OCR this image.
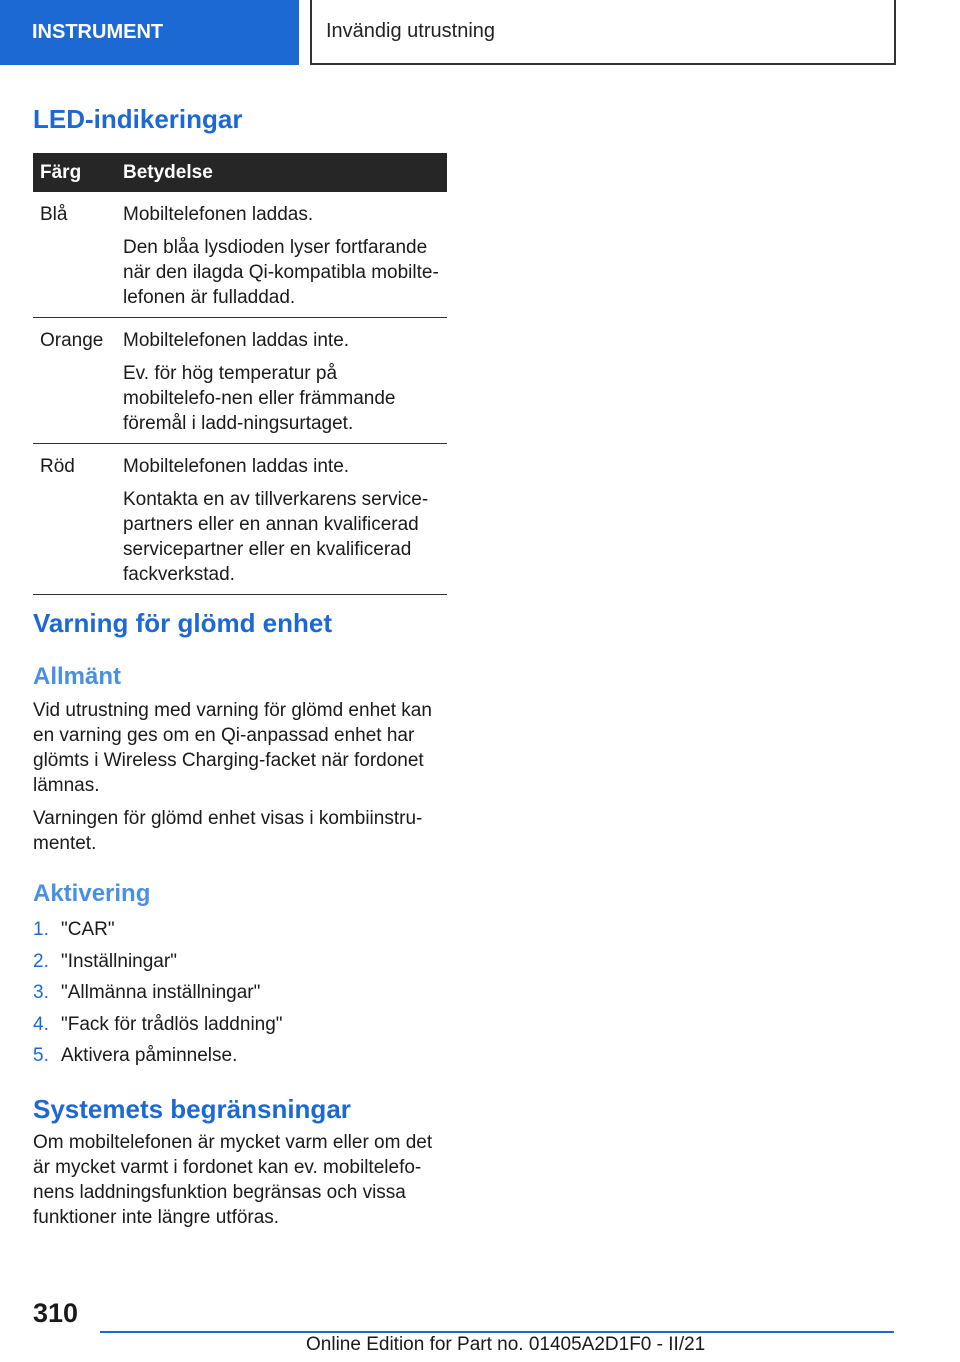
INSTRUMENT	Invändig utrustning
LED-indikeringar
Färg	Betydelse

Blå	Mobiltelefonen laddas.
Den blåa lysdioden lyser fortfarande när den ilagda Qi-kompatibla mobilte-lefonen är fulladdad.

Orange	Mobiltelefonen laddas inte.
Ev. för hög temperatur på mobiltelefo-nen eller främmande föremål i ladd-ningsurtaget.

Röd	Mobiltelefonen laddas inte.
Kontakta en av tillverkarens service-partners eller en annan kvalificerad servicepartner eller en kvalificerad fackverkstad.
Varning för glömd enhet
Allmänt

Vid utrustning med varning för glömd enhet kan en varning ges om en Qi-anpassad enhet har glömts i Wireless Charging-facket när fordonet lämnas.

Varningen för glömd enhet visas i kombiinstru-mentet.

Aktivering
1. "CAR"
2. "Inställningar"
3. "Allmänna inställningar"
4. "Fack för trådlös laddning"
5. Aktivera påminnelse.
Systemets begränsningar

Om mobiltelefonen är mycket varm eller om det är mycket varmt i fordonet kan ev. mobiltelefo-nens laddningsfunktion begränsas och vissa funktioner inte längre utföras.

310
Online Edition for Part no. 01405A2D1F0 - II/21
